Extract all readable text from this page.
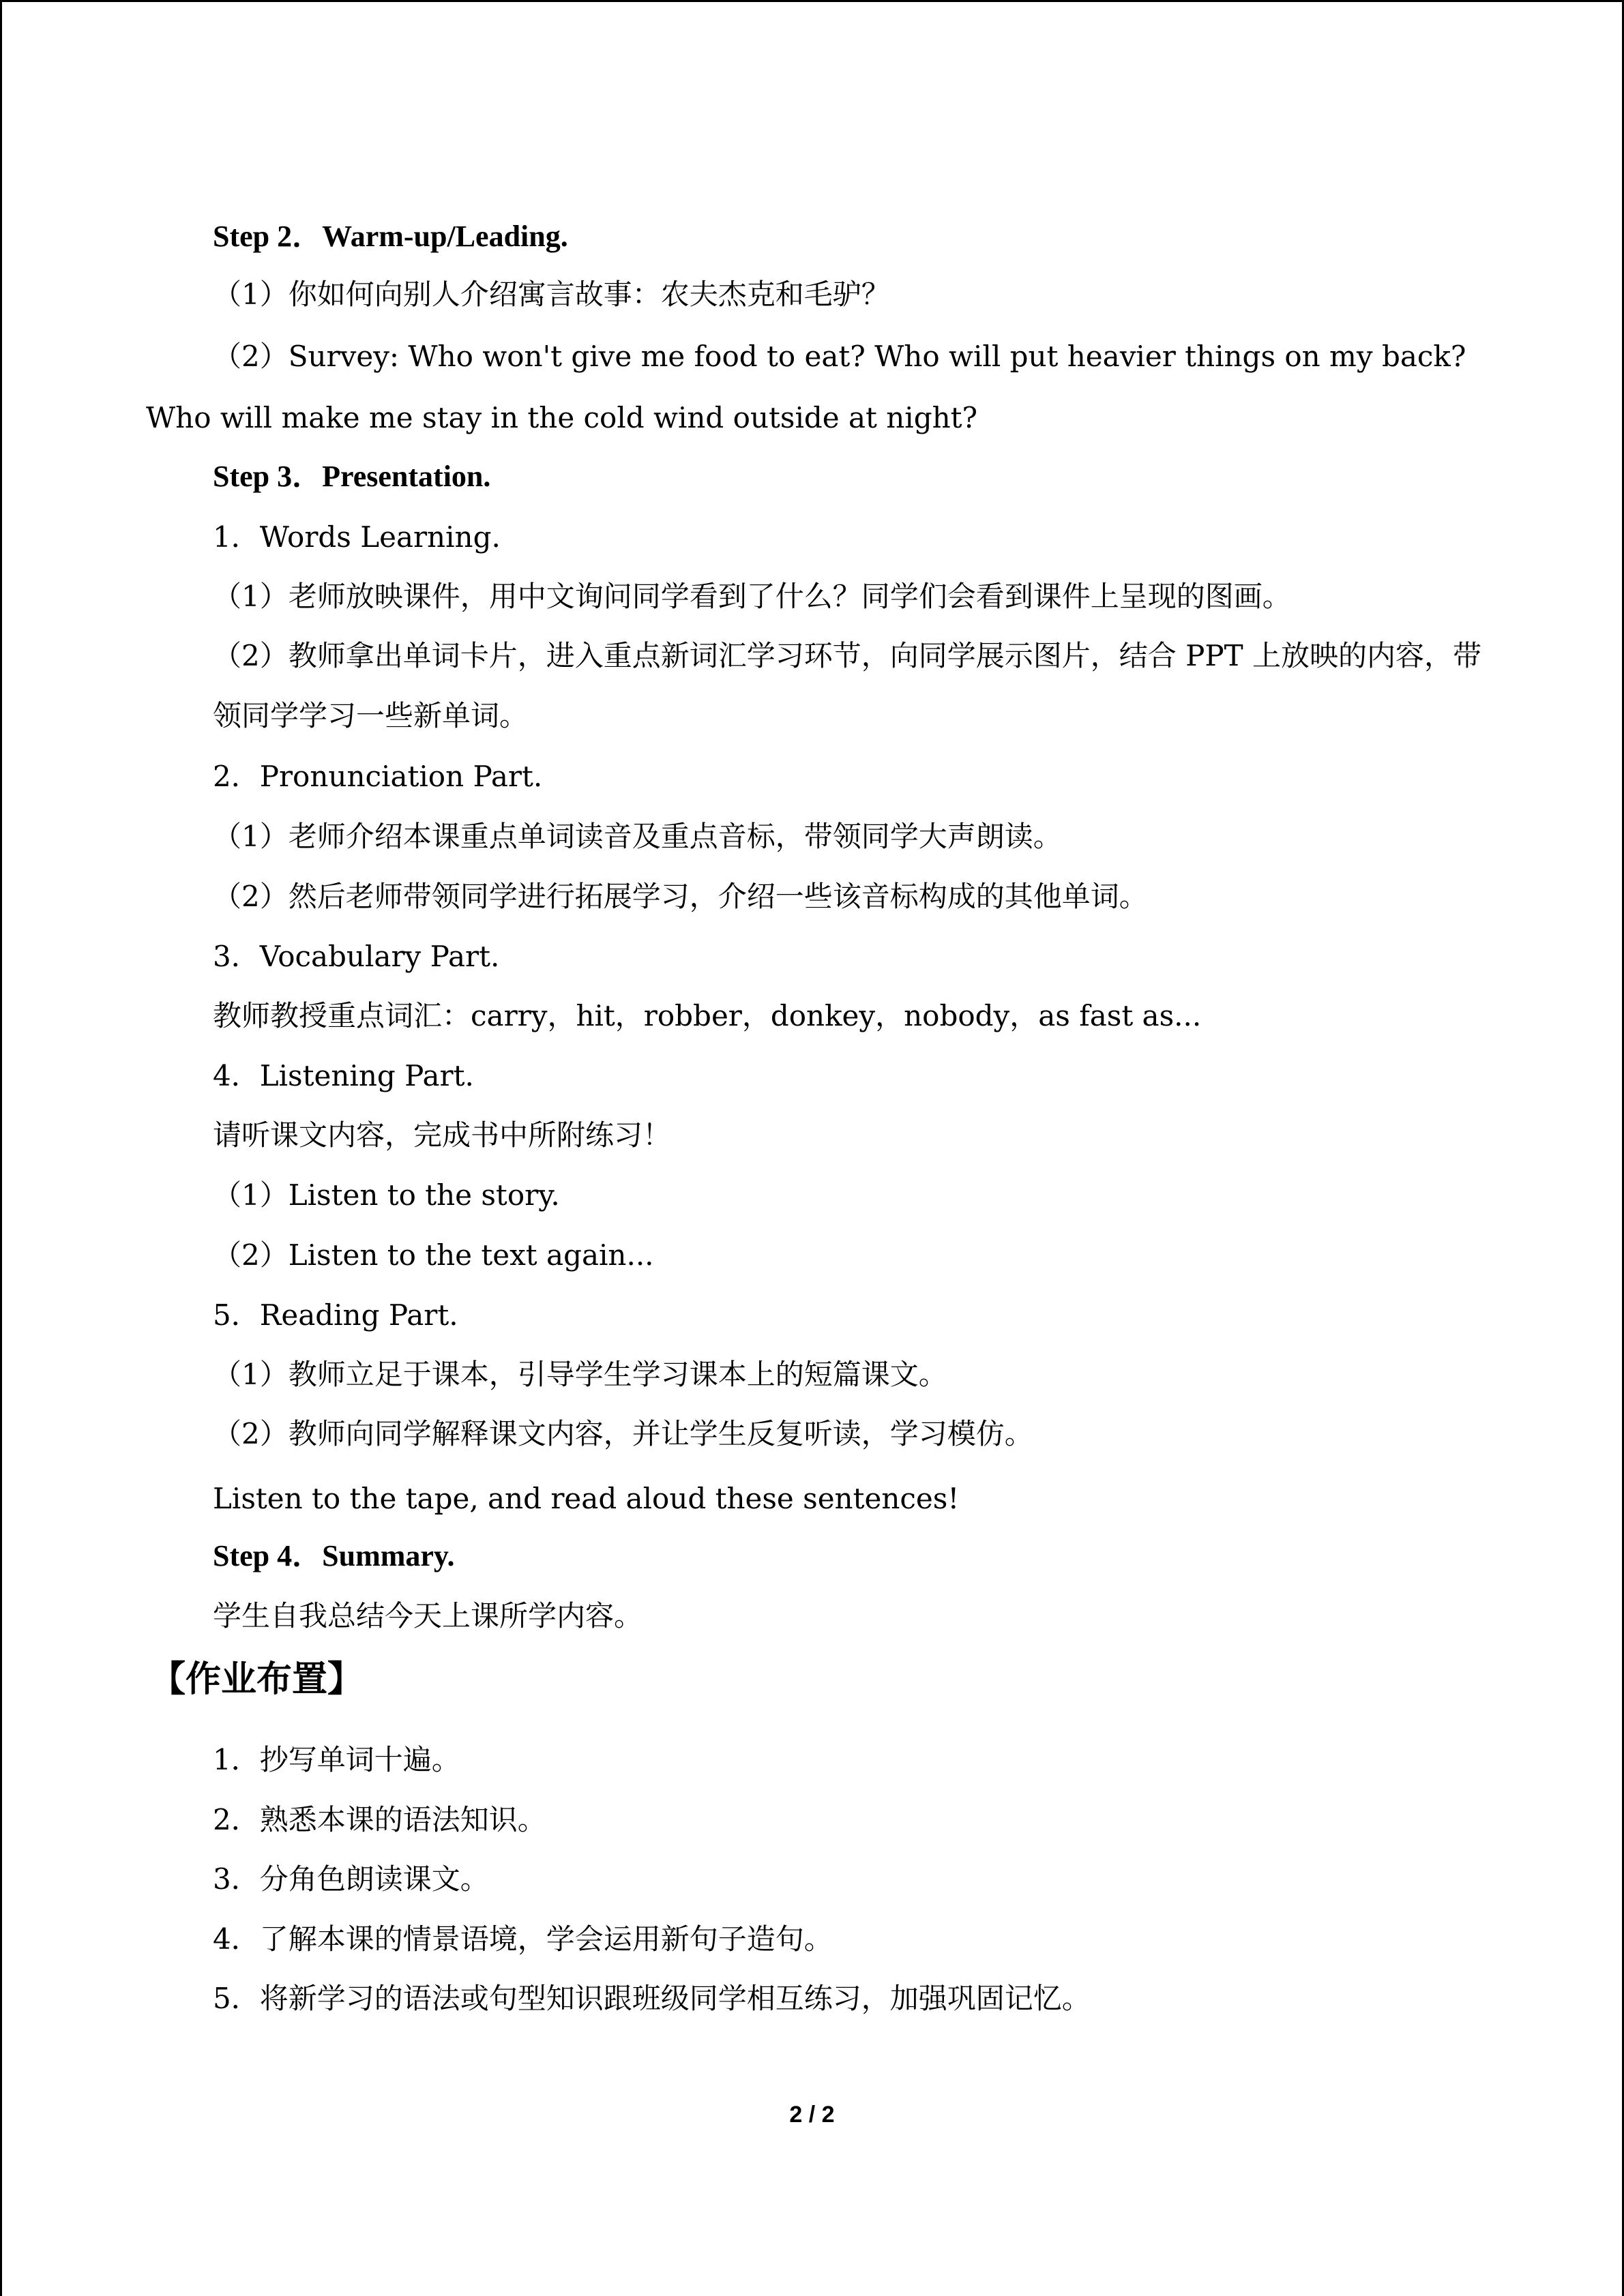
Step 2．Warm-up/Leading.

（1）你如何向别人介绍寓言故事：农夫杰克和毛驴？

（2）Survey: Who won't give me food to eat? Who will put heavier things on my back? Who will make me stay in the cold wind outside at night?

Step 3．Presentation.

1．Words Learning.

（1）老师放映课件，用中文询问同学看到了什么？同学们会看到课件上呈现的图画。

（2）教师拿出单词卡片，进入重点新词汇学习环节，向同学展示图片，结合 PPT 上放映的内容，带领同学学习一些新单词。

2．Pronunciation Part.

（1）老师介绍本课重点单词读音及重点音标，带领同学大声朗读。

（2）然后老师带领同学进行拓展学习，介绍一些该音标构成的其他单词。

3．Vocabulary Part.

教师教授重点词汇：carry，hit，robber，donkey，nobody，as fast as...

4．Listening Part.

请听课文内容，完成书中所附练习！

（1）Listen to the story.

（2）Listen to the text again...

5．Reading Part.

（1）教师立足于课本，引导学生学习课本上的短篇课文。

（2）教师向同学解释课文内容，并让学生反复听读，学习模仿。

Listen to the tape, and read aloud these sentences!

Step 4．Summary.

学生自我总结今天上课所学内容。

【作业布置】

1．抄写单词十遍。

2．熟悉本课的语法知识。

3．分角色朗读课文。

4．了解本课的情景语境，学会运用新句子造句。

5．将新学习的语法或句型知识跟班级同学相互练习，加强巩固记忆。

2 / 2
